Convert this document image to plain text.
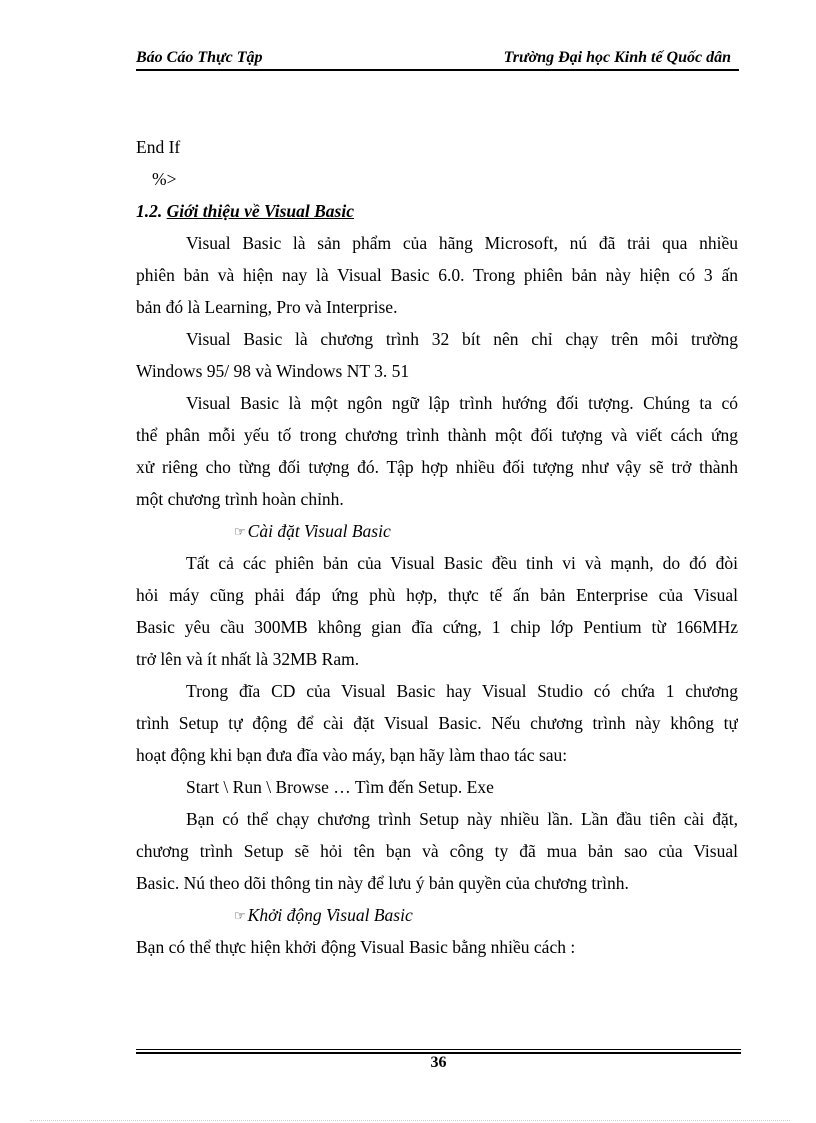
Báo Cáo Thực Tập	Trường Đại học Kinh tế Quốc dân
End If
%>
1.2. Giới thiệu về Visual Basic
Visual Basic là sản phẩm của hãng Microsoft, nú đã trải qua nhiều
phiên bản và hiện nay là Visual Basic 6.0. Trong phiên bản này hiện có 3 ấn
bản đó là Learning, Pro và Interprise.
Visual Basic là chương trình 32 bít nên chỉ chạy trên môi trường
Windows 95/ 98 và Windows NT 3. 51
Visual Basic là một ngôn ngữ lập trình hướng đối tượng. Chúng ta có
thể phân mỗi yếu tố trong chương trình thành một đối tượng và viết cách ứng
xử riêng cho từng đối tượng đó. Tập hợp nhiều đối tượng như vậy sẽ trở thành
một chương trình hoàn chỉnh.
☞ Cài đặt Visual Basic
Tất cả các phiên bản của Visual Basic đều tinh vi và mạnh, do đó đòi
hỏi máy cũng phải đáp ứng phù hợp, thực tế ấn bản Enterprise của Visual
Basic yêu cầu 300MB không gian đĩa cứng, 1 chip lớp Pentium từ 166MHz
trở lên và ít nhất là 32MB Ram.
Trong đĩa CD của Visual Basic hay Visual Studio có chứa 1 chương
trình Setup tự động để cài đặt Visual Basic. Nếu chương trình này không tự
hoạt động khi bạn đưa đĩa vào máy, bạn hãy làm thao tác sau:
Start \ Run \ Browse … Tìm đến Setup. Exe
Bạn có thể chạy chương trình Setup này nhiều lần. Lần đầu tiên cài đặt,
chương trình Setup sẽ hỏi tên bạn và công ty đã mua bản sao của Visual
Basic. Nú theo dõi thông tin này để lưu ý bản quyền của chương trình.
☞ Khởi động Visual Basic
Bạn có thể thực hiện khởi động Visual Basic bằng nhiều cách :
36
